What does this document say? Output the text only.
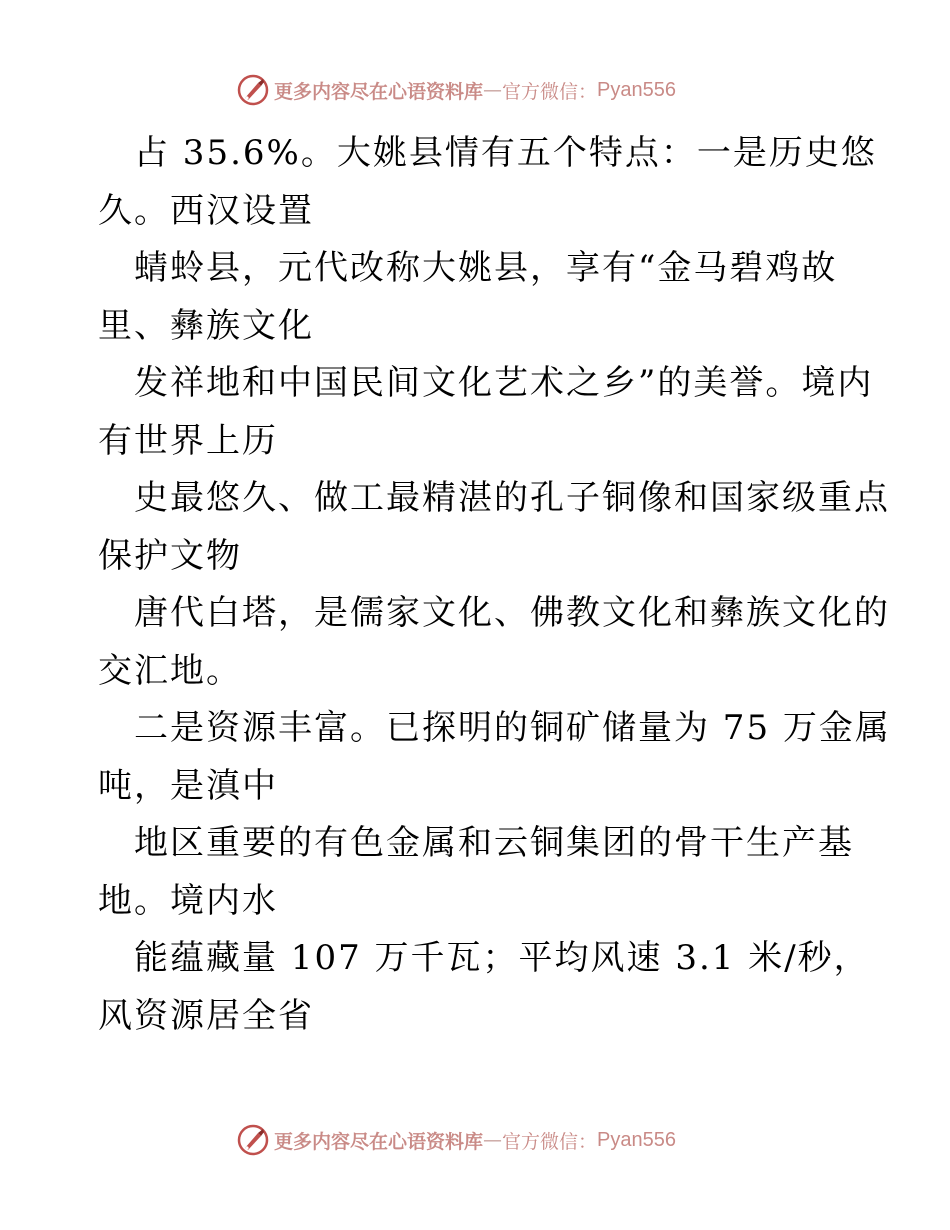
更多内容尽在心语资料库 — 官方微信： Pyan556
占 35.6%。大姚县情有五个特点：一是历史悠
久。西汉设置
蜻蛉县，元代改称大姚县，享有“金马碧鸡故
里、彝族文化
发祥地和中国民间文化艺术之乡”的美誉。境内
有世界上历
史最悠久、做工最精湛的孔子铜像和国家级重点
保护文物
唐代白塔，是儒家文化、佛教文化和彝族文化的
交汇地。
二是资源丰富。已探明的铜矿储量为 75 万金属
吨，是滇中
地区重要的有色金属和云铜集团的骨干生产基
地。境内水
能蕴藏量 107 万千瓦；平均风速 3.1 米/秒，
风资源居全省
更多内容尽在心语资料库 — 官方微信： Pyan556
